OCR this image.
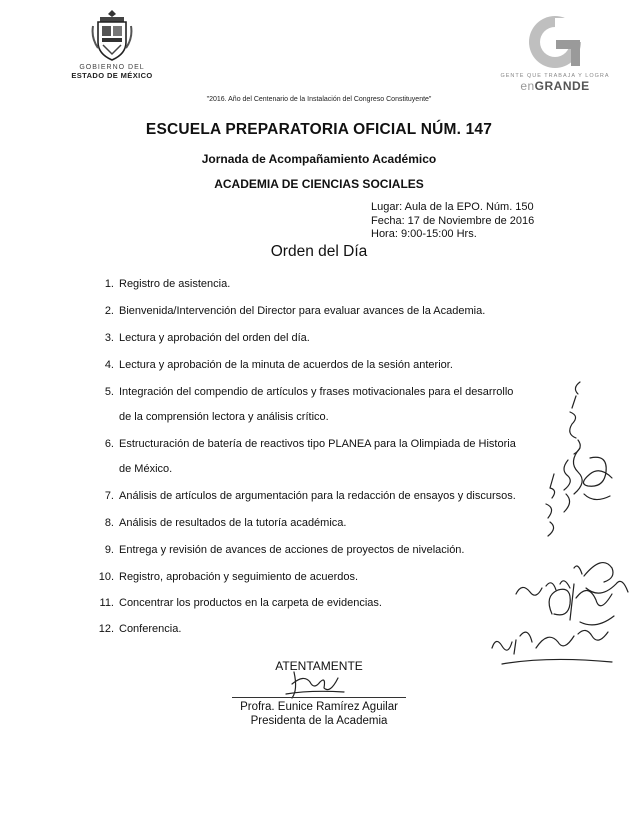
GOBIERNO DEL
ESTADO DE MÉXICO	GENTE QUE TRABAJA Y LOGRA
enGRANDE
"2016. Año del Centenario de la Instalación del Congreso Constituyente"
ESCUELA PREPARATORIA OFICIAL NÚM. 147
Jornada de Acompañamiento Académico
ACADEMIA DE CIENCIAS SOCIALES
Lugar: Aula de la EPO. Núm. 150
Fecha: 17 de Noviembre de 2016
Hora: 9:00-15:00 Hrs.
Orden del Día
1. Registro de asistencia.
2. Bienvenida/Intervención del Director para evaluar avances de la Academia.
3. Lectura y aprobación del orden del día.
4. Lectura y aprobación de la minuta de acuerdos de la sesión anterior.
5. Integración del compendio de artículos y frases motivacionales para el desarrollo
de la comprensión lectora y análisis crítico.
6. Estructuración de batería de reactivos tipo PLANEA para la Olimpiada de Historia
de México.
7. Análisis de artículos de argumentación para la redacción de ensayos y discursos.
8. Análisis de resultados de la tutoría académica.
9. Entrega y revisión de avances de acciones de proyectos de nivelación.
10. Registro, aprobación y seguimiento de acuerdos.
11. Concentrar los productos en la carpeta de evidencias.
12. Conferencia.
ATENTAMENTE
Profra. Eunice Ramírez Aguilar
Presidenta de la Academia
